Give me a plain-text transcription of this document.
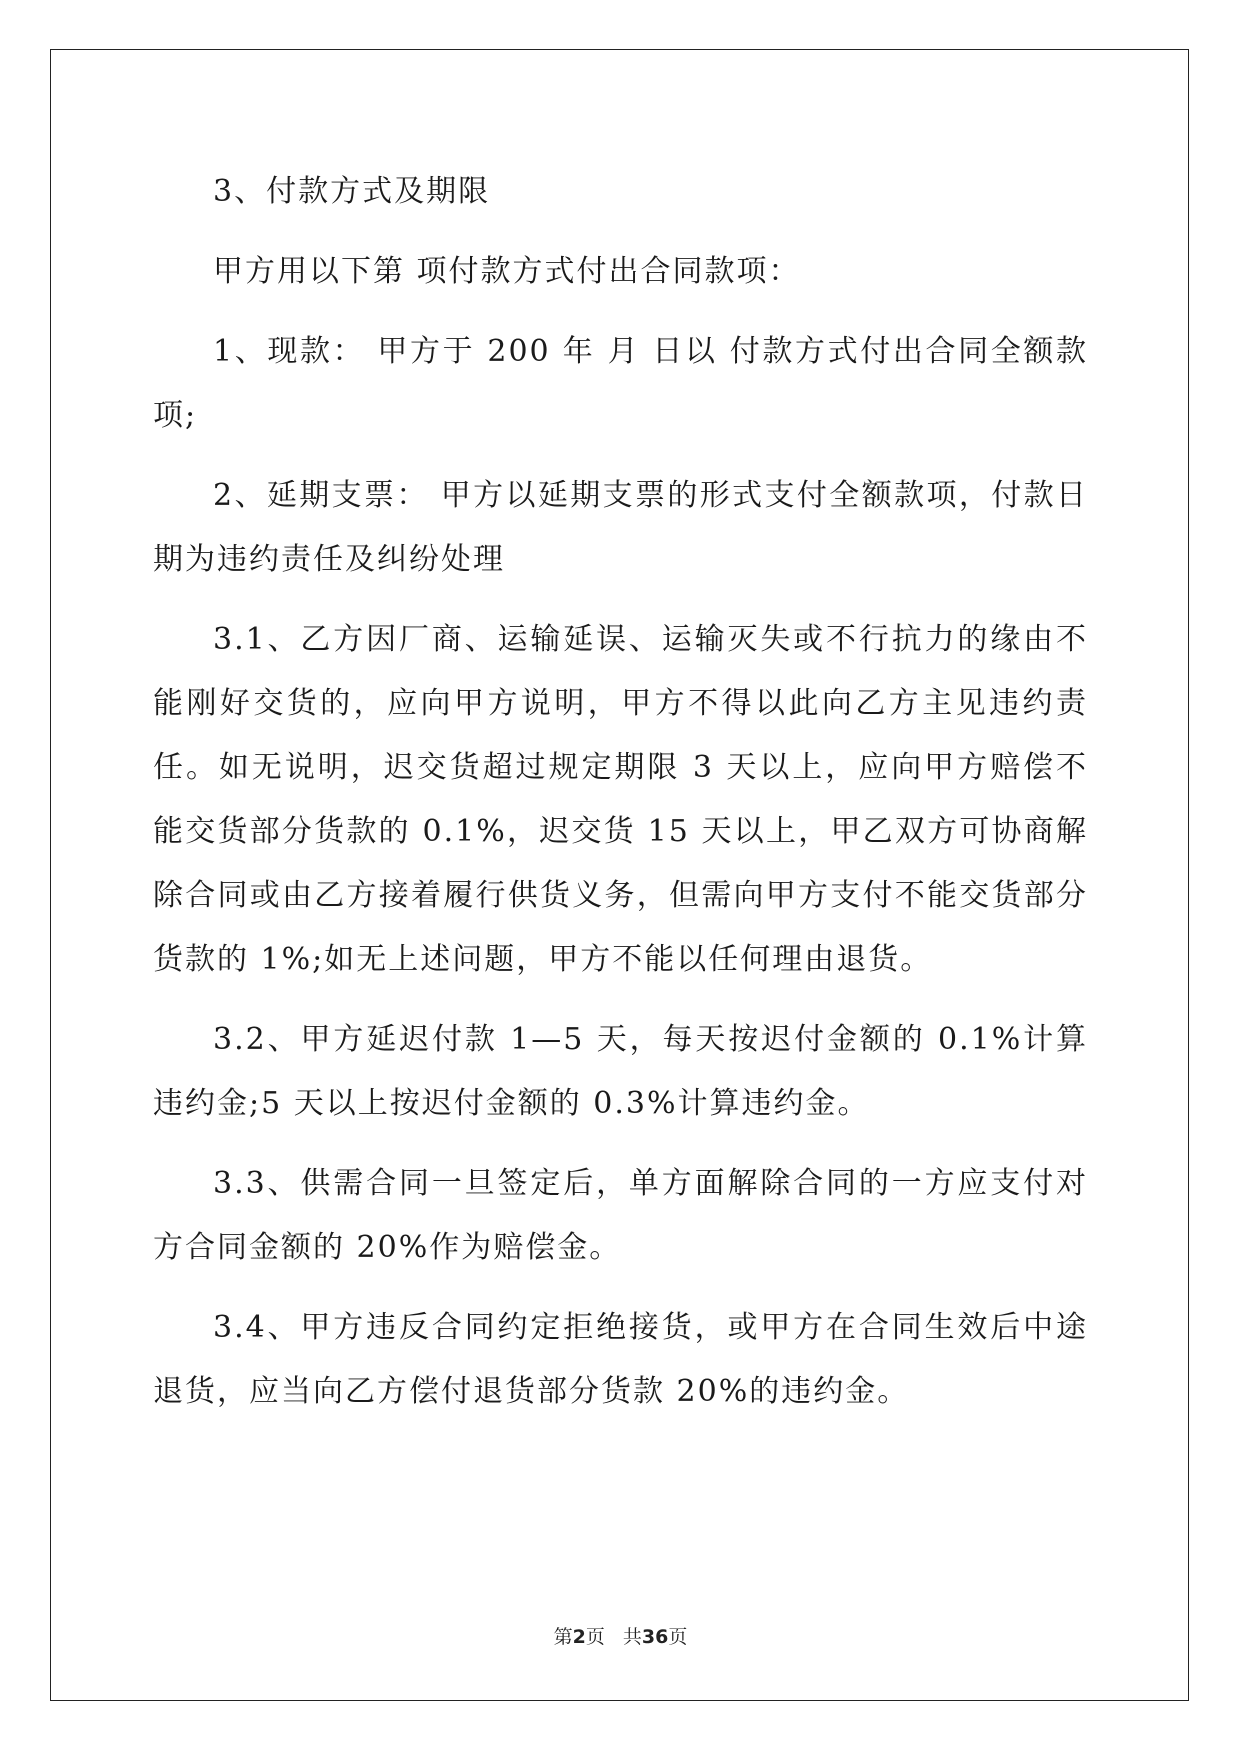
3、付款方式及期限

甲方用以下第 项付款方式付出合同款项：

1、现款： 甲方于 200 年 月 日以 付款方式付出合同全额款项;

2、延期支票： 甲方以延期支票的形式支付全额款项，付款日期为违约责任及纠纷处理

3.1、乙方因厂商、运输延误、运输灭失或不行抗力的缘由不能刚好交货的，应向甲方说明，甲方不得以此向乙方主见违约责任。如无说明，迟交货超过规定期限 3 天以上，应向甲方赔偿不能交货部分货款的 0.1%，迟交货 15 天以上，甲乙双方可协商解除合同或由乙方接着履行供货义务，但需向甲方支付不能交货部分货款的 1%;如无上述问题，甲方不能以任何理由退货。

3.2、甲方延迟付款 1—5 天，每天按迟付金额的 0.1%计算违约金;5 天以上按迟付金额的 0.3%计算违约金。

3.3、供需合同一旦签定后，单方面解除合同的一方应支付对方合同金额的 20%作为赔偿金。

3.4、甲方违反合同约定拒绝接货，或甲方在合同生效后中途退货，应当向乙方偿付退货部分货款 20%的违约金。

第2页 共36页
